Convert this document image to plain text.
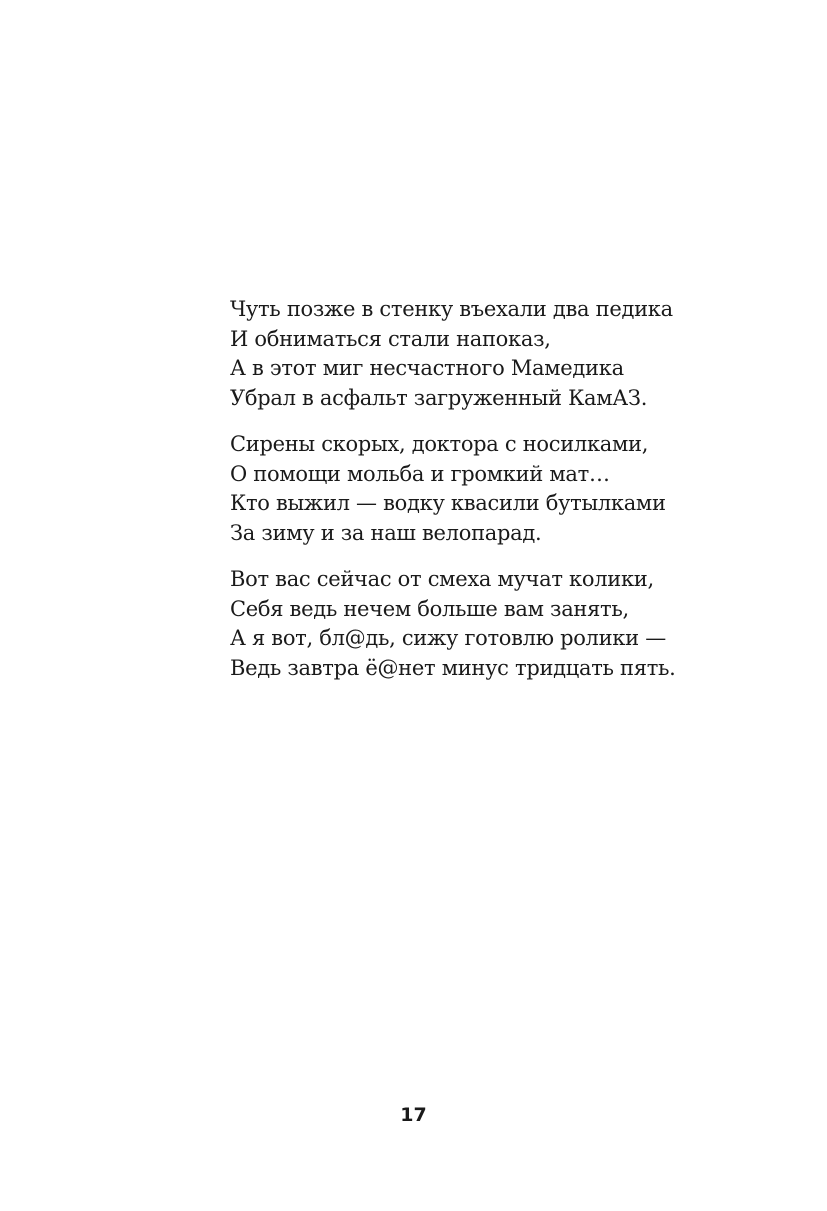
Чуть позже в стенку въехали два педика
И обниматься стали напоказ,
А в этот миг несчастного Мамедика
Убрал в асфальт загруженный КамАЗ.
Сирены скорых, доктора с носилками,
О помощи мольба и громкий мат…
Кто выжил — водку квасили бутылками
За зиму и за наш велопарад.
Вот вас сейчас от смеха мучат колики,
Себя ведь нечем больше вам занять,
А я вот, бл@дь, сижу готовлю ролики —
Ведь завтра ё@нет минус тридцать пять.
17
